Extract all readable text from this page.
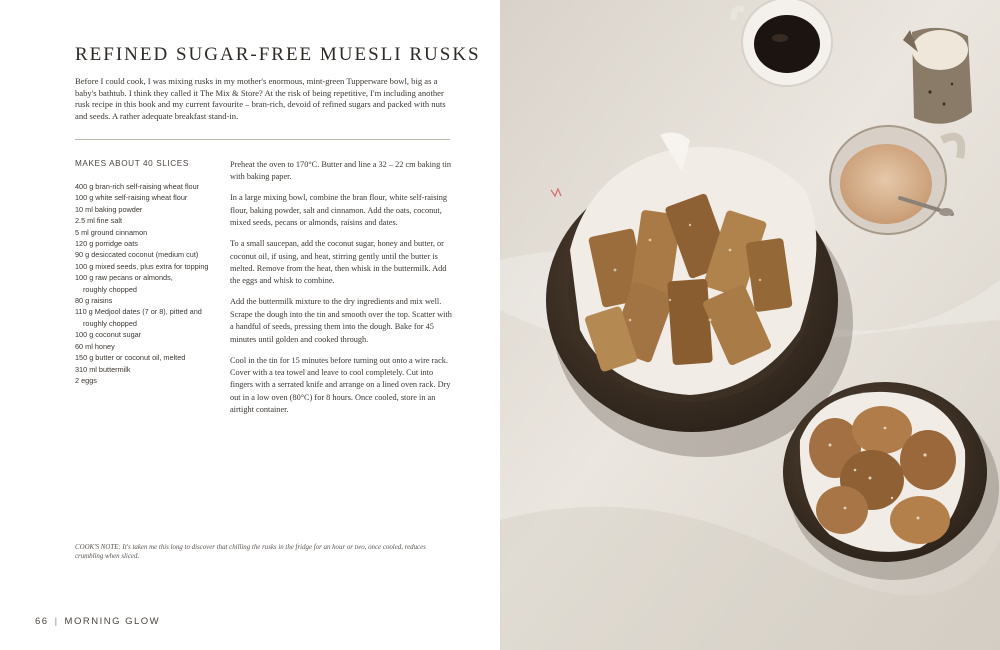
REFINED SUGAR-FREE MUESLI RUSKS

Before I could cook, I was mixing rusks in my mother's enormous, mint-green Tupperware bowl, big as a baby's bathtub. I think they called it The Mix & Store? At the risk of being repetitive, I'm including another rusk recipe in this book and my current favourite – bran-rich, devoid of refined sugars and packed with nuts and seeds. A rather adequate breakfast stand-in.

MAKES ABOUT 40 SLICES

400 g bran-rich self-raising wheat flour
100 g white self-raising wheat flour
10 ml baking powder
2.5 ml fine salt
5 ml ground cinnamon
120 g porridge oats
90 g desiccated coconut (medium cut)
100 g mixed seeds, plus extra for topping
100 g raw pecans or almonds,
roughly chopped
80 g raisins
110 g Medjool dates (7 or 8), pitted and
roughly chopped
100 g coconut sugar
60 ml honey
150 g butter or coconut oil, melted
310 ml buttermilk
2 eggs

Preheat the oven to 170°C. Butter and line a 32 – 22 cm baking tin with baking paper.

In a large mixing bowl, combine the bran flour, white self-raising flour, baking powder, salt and cinnamon. Add the oats, coconut, mixed seeds, pecans or almonds, raisins and dates.

To a small saucepan, add the coconut sugar, honey and butter, or coconut oil, if using, and heat, stirring gently until the butter is melted. Remove from the heat, then whisk in the buttermilk. Add the eggs and whisk to combine.

Add the buttermilk mixture to the dry ingredients and mix well. Scrape the dough into the tin and smooth over the top. Scatter with a handful of seeds, pressing them into the dough. Bake for 45 minutes until golden and cooked through.

Cool in the tin for 15 minutes before turning out onto a wire rack. Cover with a tea towel and leave to cool completely. Cut into fingers with a serrated knife and arrange on a lined oven rack. Dry out in a low oven (80°C) for 8 hours. Once cooled, store in an airtight container.

COOK'S NOTE: It's taken me this long to discover that chilling the rusks in the fridge for an hour or two, once cooled, reduces crumbling when sliced.

66 | MORNING GLOW
